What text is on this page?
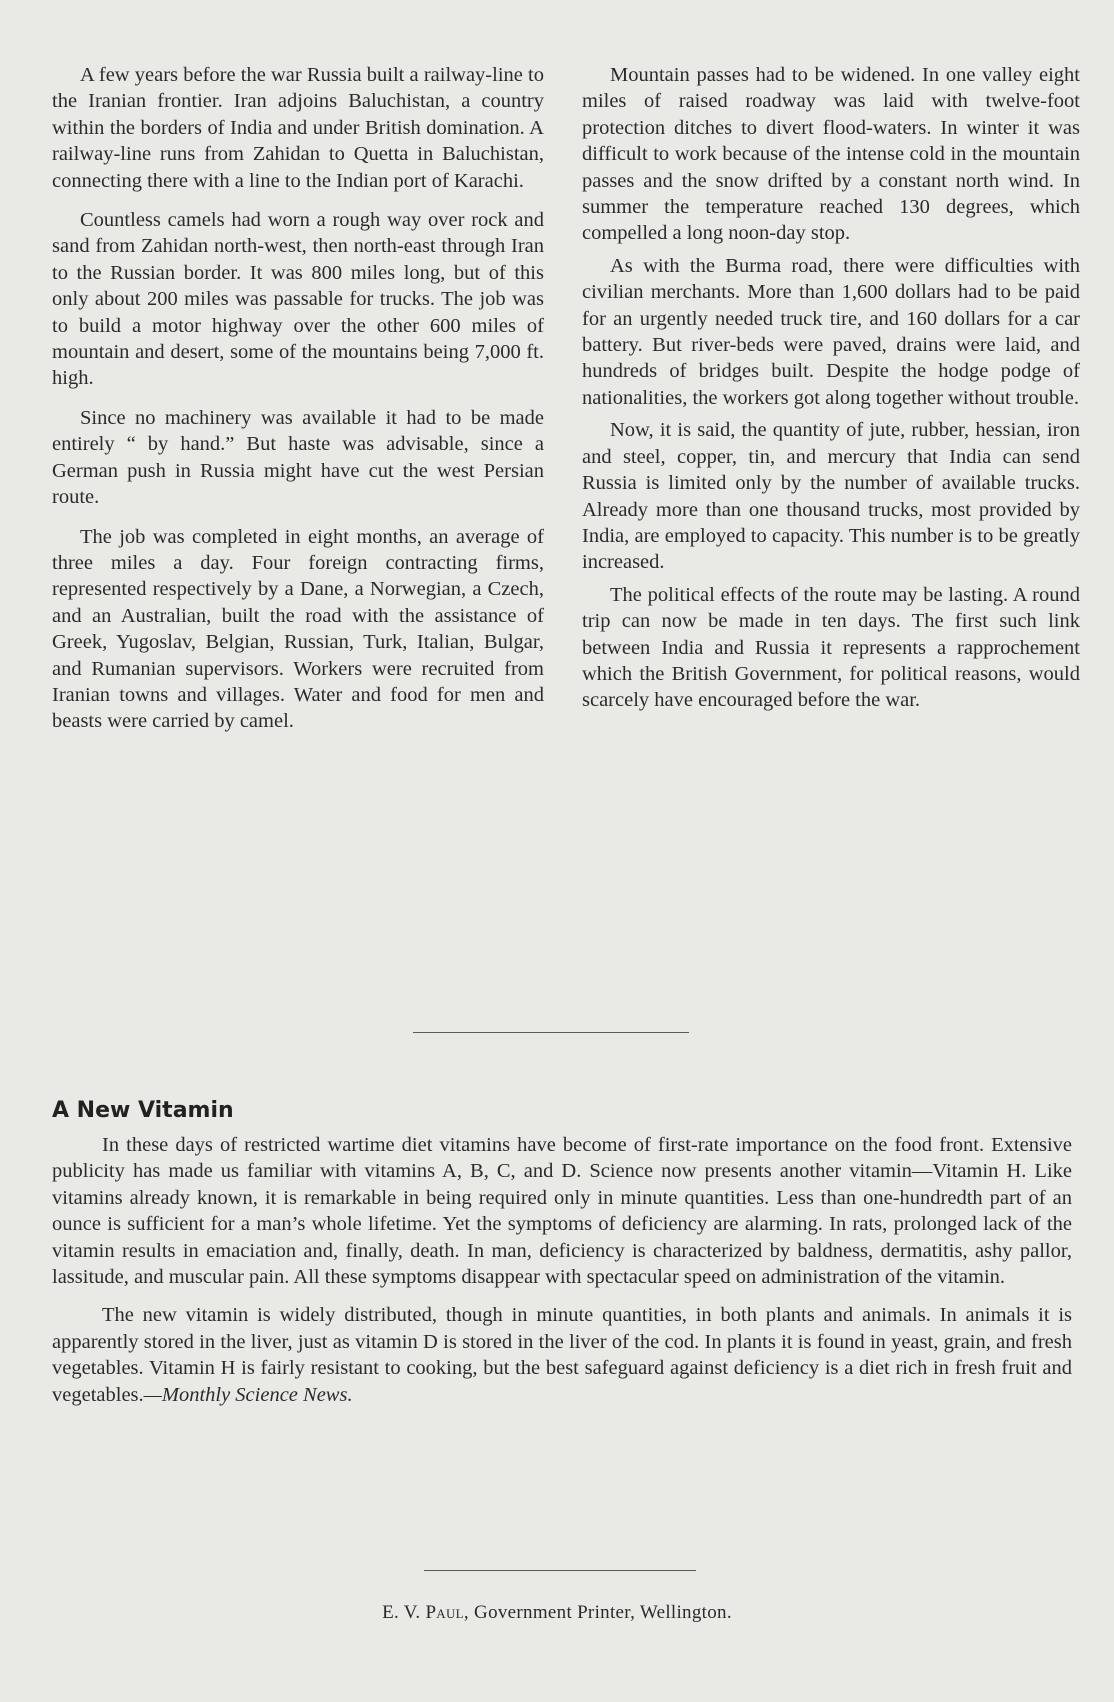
A few years before the war Russia built a railway-line to the Iranian frontier. Iran adjoins Baluchistan, a country within the borders of India and under British domination. A railway-line runs from Zahidan to Quetta in Baluchistan, connecting there with a line to the Indian port of Karachi.

Countless camels had worn a rough way over rock and sand from Zahidan north-west, then north-east through Iran to the Russian border. It was 800 miles long, but of this only about 200 miles was passable for trucks. The job was to build a motor highway over the other 600 miles of mountain and desert, some of the mountains being 7,000 ft. high.

Since no machinery was available it had to be made entirely “ by hand.” But haste was advisable, since a German push in Russia might have cut the west Persian route.

The job was completed in eight months, an average of three miles a day. Four foreign contracting firms, represented respectively by a Dane, a Norwegian, a Czech, and an Australian, built the road with the assistance of Greek, Yugoslav, Belgian, Russian, Turk, Italian, Bulgar, and Rumanian supervisors. Workers were recruited from Iranian towns and villages. Water and food for men and beasts were carried by camel.

Mountain passes had to be widened. In one valley eight miles of raised roadway was laid with twelve-foot protection ditches to divert flood-waters. In winter it was difficult to work because of the intense cold in the mountain passes and the snow drifted by a constant north wind. In summer the temperature reached 130 degrees, which compelled a long noon-day stop.

As with the Burma road, there were difficulties with civilian merchants. More than 1,600 dollars had to be paid for an urgently needed truck tire, and 160 dollars for a car battery. But river-beds were paved, drains were laid, and hundreds of bridges built. Despite the hodge podge of nationalities, the workers got along together without trouble.

Now, it is said, the quantity of jute, rubber, hessian, iron and steel, copper, tin, and mercury that India can send Russia is limited only by the number of available trucks. Already more than one thousand trucks, most provided by India, are employed to capacity. This number is to be greatly increased.

The political effects of the route may be lasting. A round trip can now be made in ten days. The first such link between India and Russia it represents a rapprochement which the British Government, for political reasons, would scarcely have encouraged before the war.

A New Vitamin

In these days of restricted wartime diet vitamins have become of first-rate importance on the food front. Extensive publicity has made us familiar with vitamins A, B, C, and D. Science now presents another vitamin—Vitamin H. Like vitamins already known, it is remarkable in being required only in minute quantities. Less than one-hundredth part of an ounce is sufficient for a man’s whole lifetime. Yet the symptoms of deficiency are alarming. In rats, prolonged lack of the vitamin results in emaciation and, finally, death. In man, deficiency is characterized by baldness, dermatitis, ashy pallor, lassitude, and muscular pain. All these symptoms disappear with spectacular speed on administration of the vitamin.

The new vitamin is widely distributed, though in minute quantities, in both plants and animals. In animals it is apparently stored in the liver, just as vitamin D is stored in the liver of the cod. In plants it is found in yeast, grain, and fresh vegetables. Vitamin H is fairly resistant to cooking, but the best safeguard against deficiency is a diet rich in fresh fruit and vegetables.—Monthly Science News.

E. V. Paul, Government Printer, Wellington.
